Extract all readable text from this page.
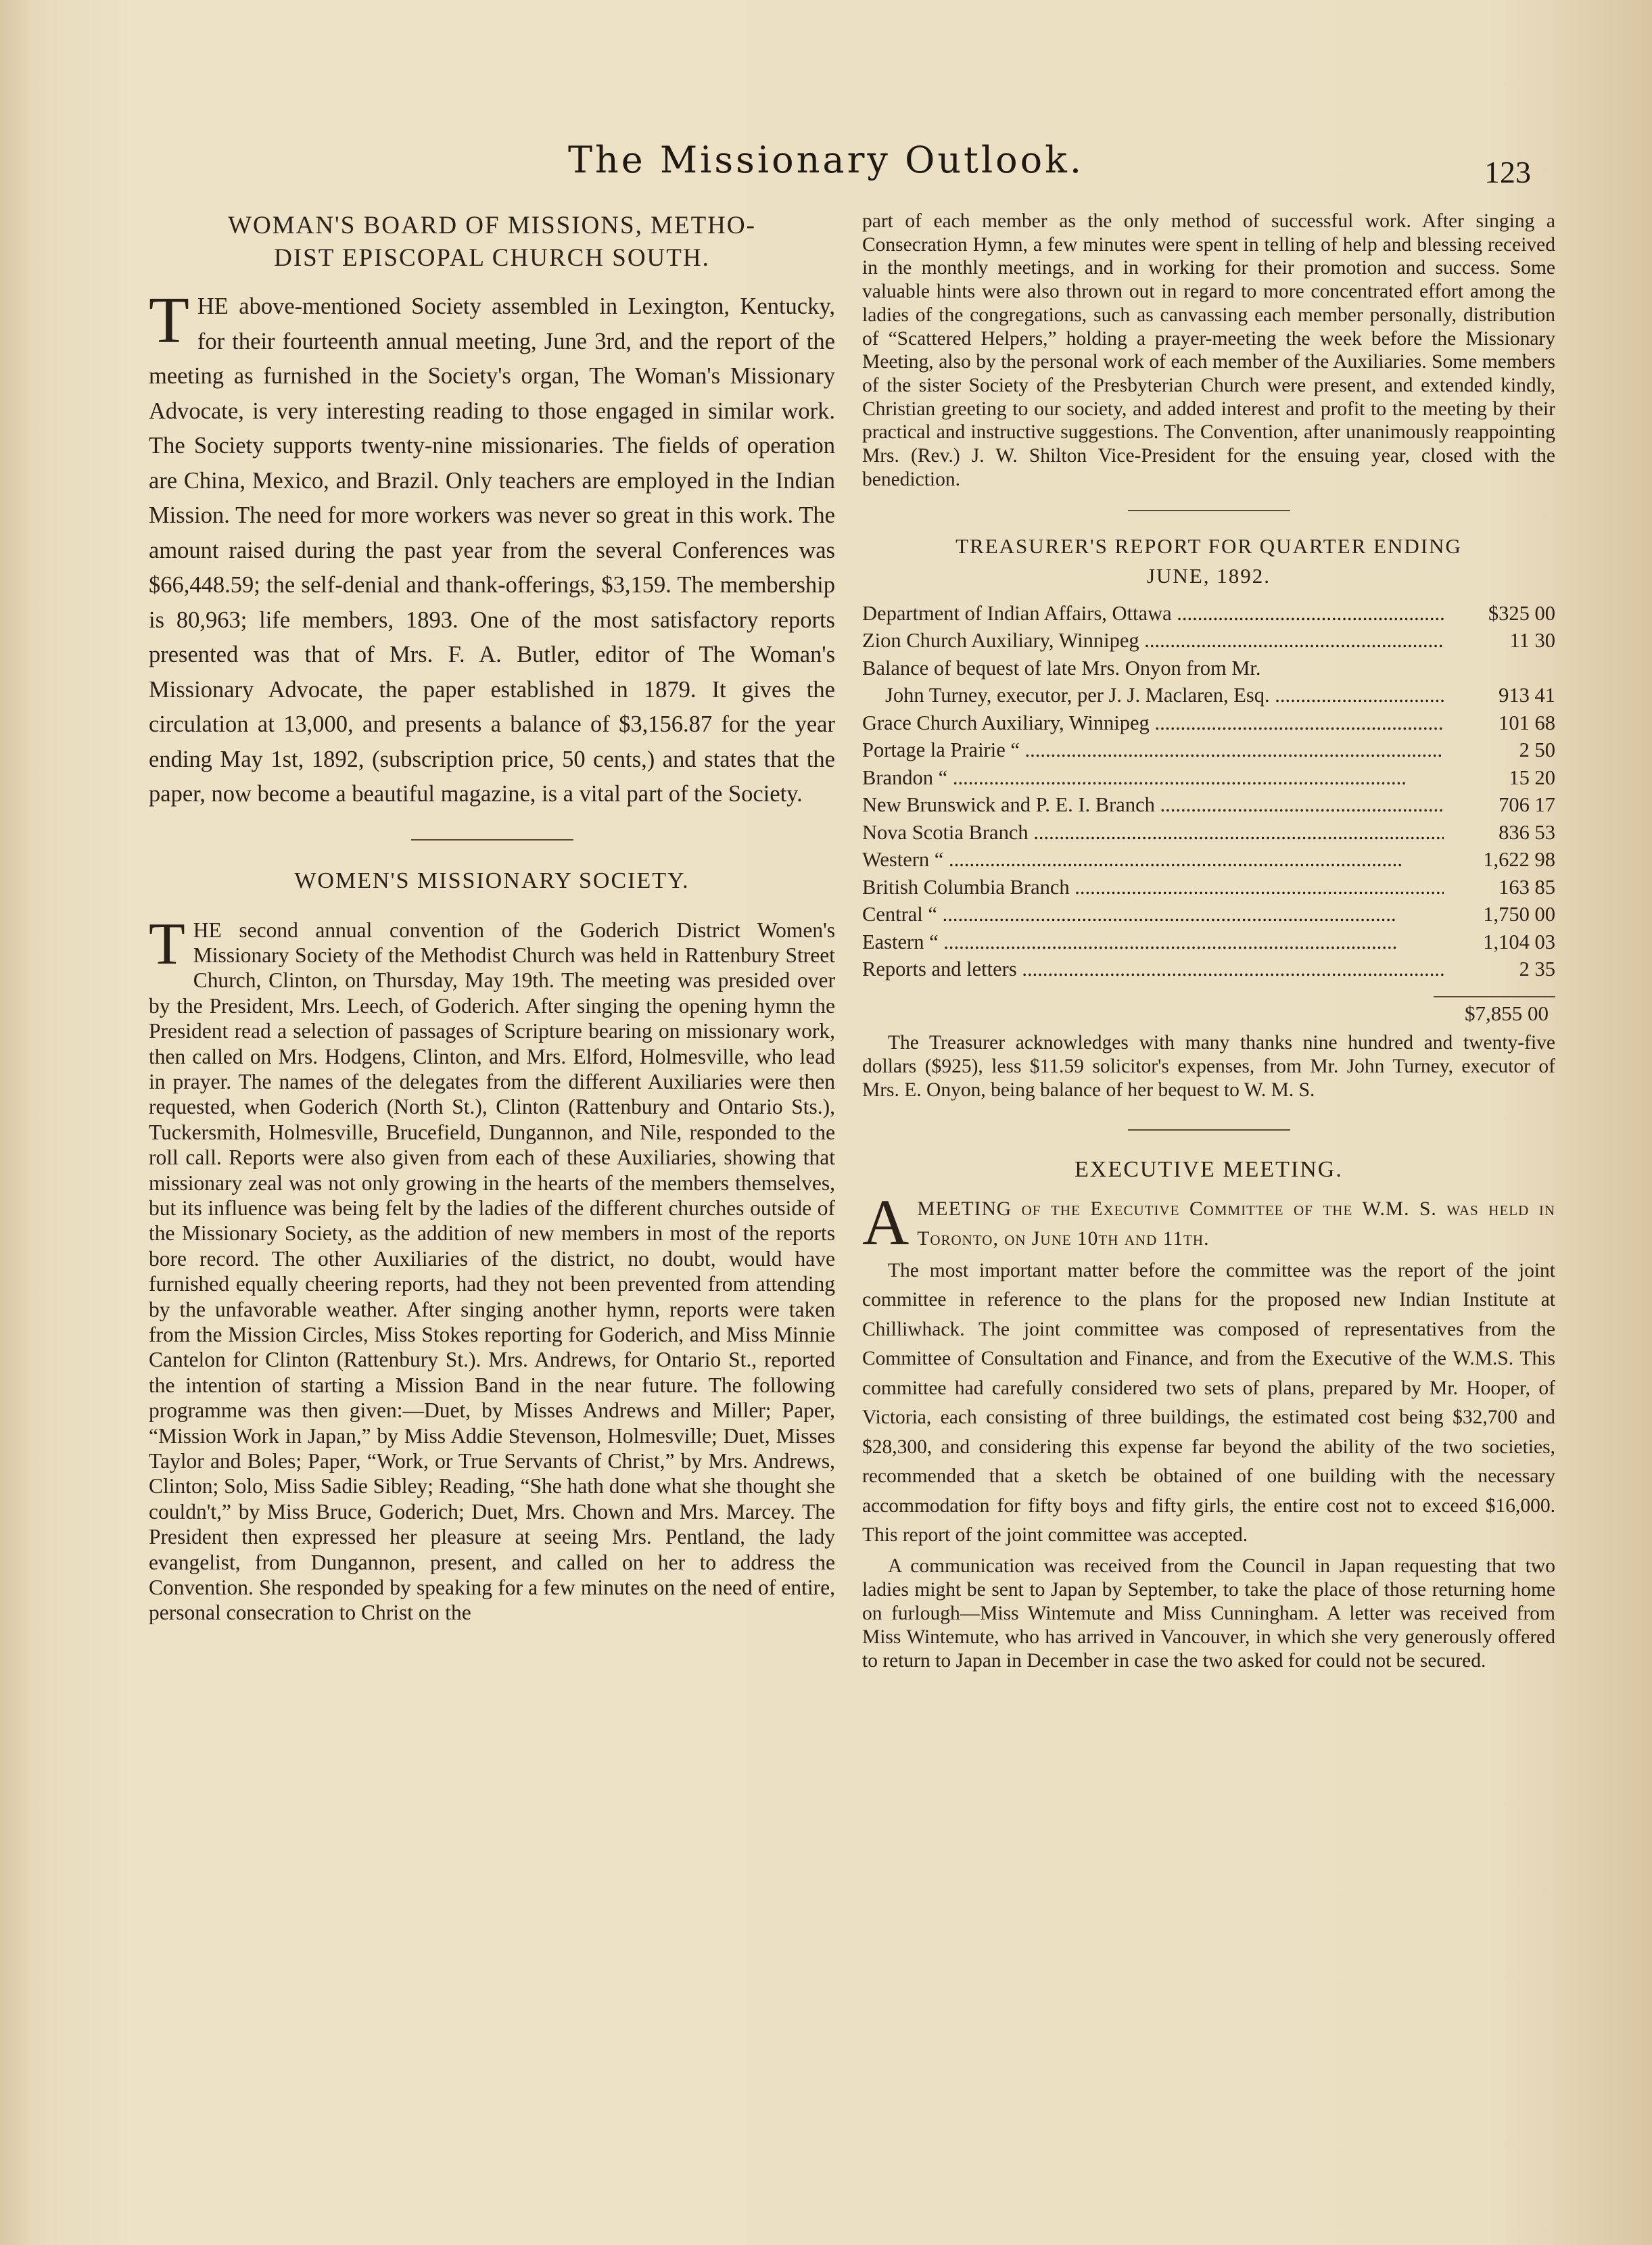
The Missionary Outlook.	123
WOMAN'S BOARD OF MISSIONS, METHO-
DIST EPISCOPAL CHURCH SOUTH.

THE above-mentioned Society assembled in Lexington, Kentucky, for their fourteenth annual meeting, June 3rd, and the report of the meeting as furnished in the Society's organ, The Woman's Missionary Advocate, is very interesting reading to those engaged in similar work. The Society supports twenty-nine missionaries. The fields of operation are China, Mexico, and Brazil. Only teachers are employed in the Indian Mission. The need for more workers was never so great in this work. The amount raised during the past year from the several Conferences was $66,448.59; the self-denial and thank-offerings, $3,159. The membership is 80,963; life members, 1893. One of the most satisfactory reports presented was that of Mrs. F. A. Butler, editor of The Woman's Missionary Advocate, the paper established in 1879. It gives the circulation at 13,000, and presents a balance of $3,156.87 for the year ending May 1st, 1892, (subscription price, 50 cents,) and states that the paper, now become a beautiful magazine, is a vital part of the Society.

WOMEN'S MISSIONARY SOCIETY.

THE second annual convention of the Goderich District Women's Missionary Society of the Methodist Church was held in Rattenbury Street Church, Clinton, on Thursday, May 19th. The meeting was presided over by the President, Mrs. Leech, of Goderich. After singing the opening hymn the President read a selection of passages of Scripture bearing on missionary work, then called on Mrs. Hodgens, Clinton, and Mrs. Elford, Holmesville, who lead in prayer. The names of the delegates from the different Auxiliaries were then requested, when Goderich (North St.), Clinton (Rattenbury and Ontario Sts.), Tuckersmith, Holmesville, Brucefield, Dungannon, and Nile, responded to the roll call. Reports were also given from each of these Auxiliaries, showing that missionary zeal was not only growing in the hearts of the members themselves, but its influence was being felt by the ladies of the different churches outside of the Missionary Society, as the addition of new members in most of the reports bore record. The other Auxiliaries of the district, no doubt, would have furnished equally cheering reports, had they not been prevented from attending by the unfavorable weather. After singing another hymn, reports were taken from the Mission Circles, Miss Stokes reporting for Goderich, and Miss Minnie Cantelon for Clinton (Rattenbury St.). Mrs. Andrews, for Ontario St., reported the intention of starting a Mission Band in the near future. The following programme was then given:—Duet, by Misses Andrews and Miller; Paper, “Mission Work in Japan,” by Miss Addie Stevenson, Holmesville; Duet, Misses Taylor and Boles; Paper, “Work, or True Servants of Christ,” by Mrs. Andrews, Clinton; Solo, Miss Sadie Sibley; Reading, “She hath done what she thought she couldn't,” by Miss Bruce, Goderich; Duet, Mrs. Chown and Mrs. Marcey. The President then expressed her pleasure at seeing Mrs. Pentland, the lady evangelist, from Dungannon, present, and called on her to address the Convention. She responded by speaking for a few minutes on the need of entire, personal consecration to Christ on the

part of each member as the only method of successful work. After singing a Consecration Hymn, a few minutes were spent in telling of help and blessing received in the monthly meetings, and in working for their promotion and success. Some valuable hints were also thrown out in regard to more concentrated effort among the ladies of the congregations, such as canvassing each member personally, distribution of “Scattered Helpers,” holding a prayer-meeting the week before the Missionary Meeting, also by the personal work of each member of the Auxiliaries. Some members of the sister Society of the Presbyterian Church were present, and extended kindly, Christian greeting to our society, and added interest and profit to the meeting by their practical and instructive suggestions. The Convention, after unanimously reappointing Mrs. (Rev.) J. W. Shilton Vice-President for the ensuing year, closed with the benediction.

TREASURER'S REPORT FOR QUARTER ENDING
JUNE, 1892.
Department of Indian Affairs, Ottawa .....	$325 00
Zion Church Auxiliary, Winnipeg .....	11 30
Balance of bequest of late Mrs. Onyon from Mr.	
John Turney, executor, per J. J. Maclaren, Esq. .....	913 41
Grace Church Auxiliary, Winnipeg .....	101 68
Portage la Prairie “ .....	2 50
Brandon “ .....	15 20
New Brunswick and P. E. I. Branch .....	706 17
Nova Scotia Branch .....	836 53
Western “ .....	1,622 98
British Columbia Branch .....	163 85
Central “ .....	1,750 00
Eastern “ .....	1,104 03
Reports and letters .....	2 35
$7,855 00

The Treasurer acknowledges with many thanks nine hundred and twenty-five dollars ($925), less $11.59 solicitor's expenses, from Mr. John Turney, executor of Mrs. E. Onyon, being balance of her bequest to W. M. S.

EXECUTIVE MEETING.

AMEETING of the Executive Committee of the W.M. S. was held in Toronto, on June 10th and 11th.

The most important matter before the committee was the report of the joint committee in reference to the plans for the proposed new Indian Institute at Chilliwhack. The joint committee was composed of representatives from the Committee of Consultation and Finance, and from the Executive of the W.M.S. This committee had carefully considered two sets of plans, prepared by Mr. Hooper, of Victoria, each consisting of three buildings, the estimated cost being $32,700 and $28,300, and considering this expense far beyond the ability of the two societies, recommended that a sketch be obtained of one building with the necessary accommodation for fifty boys and fifty girls, the entire cost not to exceed $16,000. This report of the joint committee was accepted.

A communication was received from the Council in Japan requesting that two ladies might be sent to Japan by September, to take the place of those returning home on furlough—Miss Wintemute and Miss Cunningham. A letter was received from Miss Wintemute, who has arrived in Vancouver, in which she very generously offered to return to Japan in December in case the two asked for could not be secured.
